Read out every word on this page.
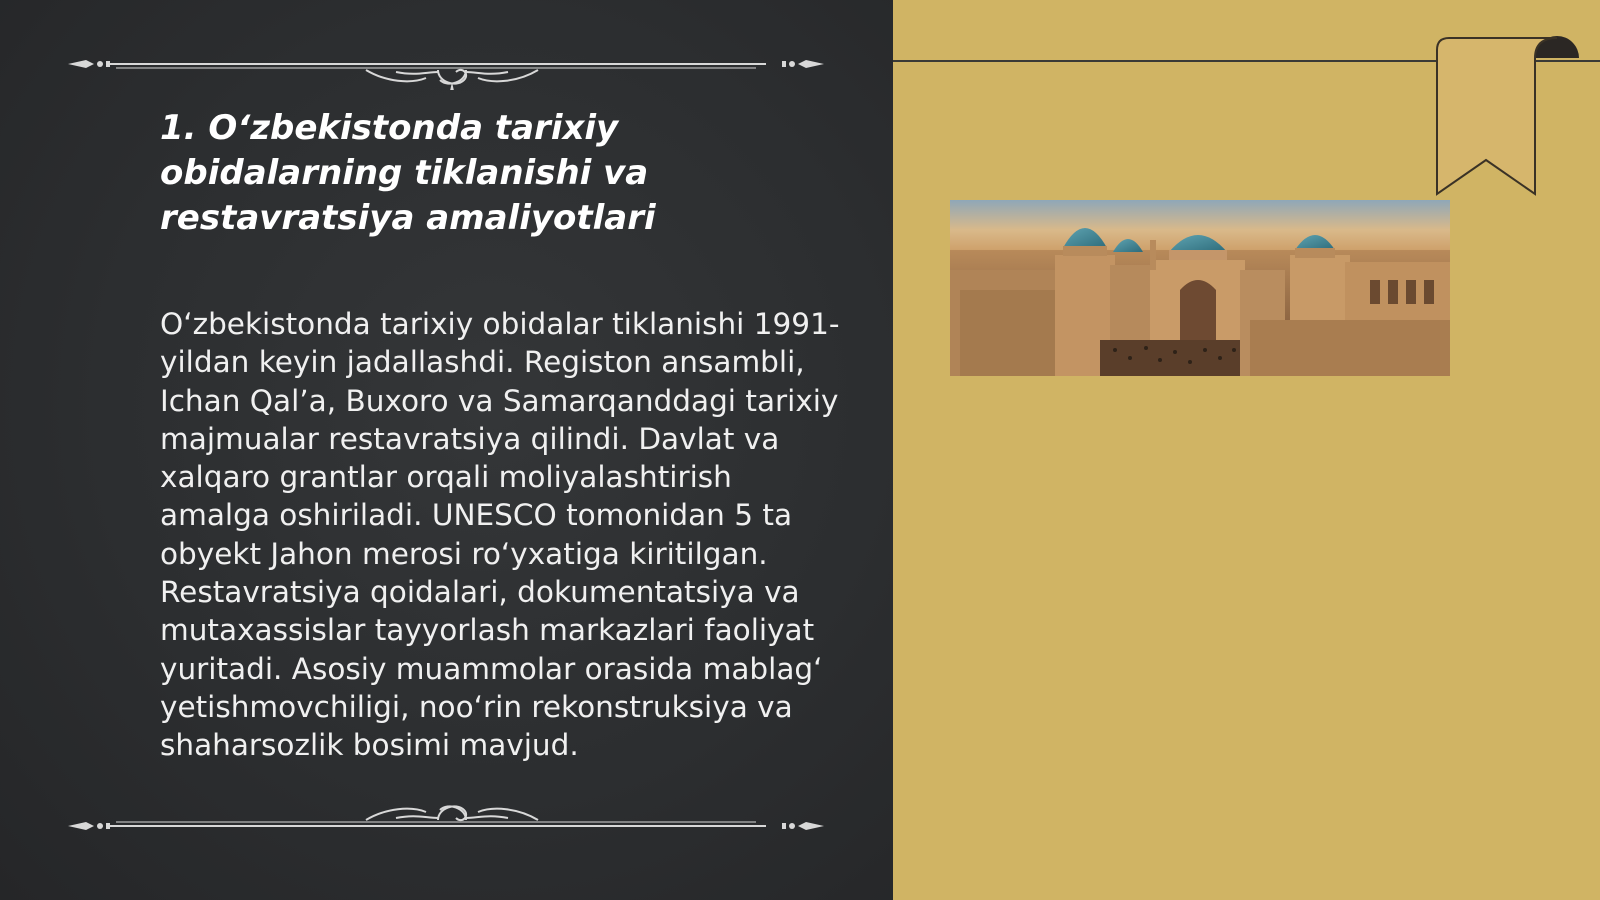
1. O‘zbekistonda tarixiy obidalarning tiklanishi va restavratsiya amaliyotlari

O‘zbekistonda tarixiy obidalar tiklanishi 1991-yildan keyin jadallashdi. Registon ansambli, Ichan Qal’a, Buxoro va Samarqanddagi tarixiy majmualar restavratsiya qilindi. Davlat va xalqaro grantlar orqali moliyalashtirish amalga oshiriladi. UNESCO tomonidan 5 ta obyekt Jahon merosi ro‘yxatiga kiritilgan. Restavratsiya qoidalari, dokumentatsiya va mutaxassislar tayyorlash markazlari faoliyat yuritadi. Asosiy muammolar orasida mablag‘ yetishmovchiligi, noo‘rin rekonstruksiya va shaharsozlik bosimi mavjud.
